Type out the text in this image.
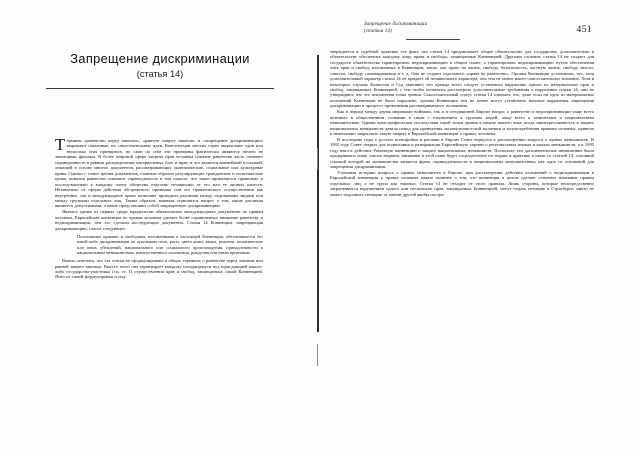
Запрещение дискриминации
(статья 14)

Термины «равенство перед законом», «равную защиту законов» и «запрещение дискриминации» выражают связанные, но самостоятельные идеи. Конституции многих стран закрепляют один или несколько этих принципов, но сами по себе эти принципы фактически являются ничего не значащими фразами. В более широкой сфере защиты прав человека понятие равенства часто означает справедливость в равном распределении материальных благ и прав, и это является важнейшей посылкой, лежащей в основе многих документов, рассматривающих экономические, социальные или культурные права. Однако с точки зрения документов, главным образом регулирующих гражданские и политические права, понятия равенства означают справедливость в том смысле, что закон применяется правильно и последовательно к каждому члену общества отдельно независимо от его или ее личных качеств. Независимо от сферы действия абстрактного принципа или его практического осуществления как внутреннее, так и международное право позволяет проводить различия между отдельными лицами или между группами отдельных лиц. Таким образом, важным становится вопрос о том, какие различия являются допустимыми, а какие представляют собой запрещенную дискриминацию.

Являясь одним из первых среди юридически обязательных международных документов по правам человека, Европейская конвенция по правам человека уделяет более ограниченное внимание равенству и недискриминации, чем это сделали последующие документы. Статья 14 Конвенции, запрещающая дискриминацию, гласит следующее:

Пользование правами и свободами, изложенными в настоящей Конвенции, обеспечивается без какой-либо дискриминации по признакам пола, расы, цвета кожи, языка, религии, политических или иных убеждений, национального или социального происхождения, принадлежности к национальным меньшинствам, имущественного положения, рождения или иным признакам.

Важно отметить, что эта статья не сформулирована в общих терминах о равенстве перед законом или равной защите законом. Вместо этого она гарантирует каждому находящемуся под юрисдикцией какого-либо государства-участника (см. ст. 1) осуществления прав и свобод, защищаемых самой Конвенцией. Ясно из самой формулировки и под-

Запрещение дискриминации
(статья 14)	451

тверждается в судебной практике тот факт, что статья 14 предписывает общее обязательство для государства, дополнительно к обязательству обеспечить каждому лицу права и свободы, защищаемые Конвенцией. Другими словами, статья 14 не создает для государств обязательства гарантировать недискриминацию в общем плане, а гарантировать недискриминацию путем обеспечения этих прав и свобод, изложенных в Конвенции, таких, как право на жизнь, свободу, безопасность, частную жизнь, свободу мысли, совести, свободу самовыражения и т. д. Она не создает отдельного «права на равенство». Органы Конвенции установили, что, хотя дополнительный характер статьи 14 не придает ей независимого характера, она тем не менее имеет самостоятельное значение. Хотя в некоторых случаях Комиссия и Суд заявляют, что прежде всего следует установить нарушение одного из материальных прав и свобод, защищаемых Конвенцией, с тем чтобы позволить рассмотреть дополнительные требования о нарушении статьи 14, они не утверждают, что это неизменная точка зрения. Самостоятельный статус статьи 14 означает, что, даже если ни одно из материальных положений Конвенции не было нарушено, органы Конвенции тем не менее могут установить наличие нарушения запрещения дискриминации в процессе применения рассматриваемого положения.

Как в период между двумя мировыми войнами, так и в сегодняшней Европе вопрос о равенстве и недискриминации чаще всего возникал в общественном сознании в связи с отношением к группам людей, чаще всего к этническим и национальным меньшинствам. Однако катастрофические последствия такой точки зрения в начале нашего века, когда заинтересованность в защите национальных меньшинств давала повод для проведения экспансионистской политики и злоупотребления правами человека, привели к нежеланию закреплять такую защиту в Европейской конвенции о правах человека.

В последние годы с ростом ксенофобии и расизма в Европе Совет вернулся к рассмотрению вопроса о правах меньшинств. В 1992 году Совет открыл для подписания и ратификации Европейскую хартию о региональных языках и языках меньшинств, а в 1995 году ввел в действие Рамочную конвенцию о защите национальных меньшинств. Поскольку эти дополнительные инициативы были предприняты лишь совсем недавно, внимание в этой главе будет сосредоточено на теории и практике в связи со статьей 14, основной ссылкой которой на меньшинства является фраза «принадлежности к национальным меньшинствам» как одно из оснований для запрещения дискриминации.

Учитывая историю вопроса о правах меньшинств в Европе, при рассмотрении действия положений о недискриминации в Европейской конвенции о правах человека важно помнить о том, что конвенция в целом уделяет основное внимание правам отдельных лиц, а не групп как таковых. Статья 14 не отходит от этого правила. Лишь стороны, которые непосредственно затрагиваются нарушением одного или нескольких прав, защищаемых Конвенцией, могут подать петицию в Страсбурге: никто не может подолнить петицию от имени другой якобы постра-
